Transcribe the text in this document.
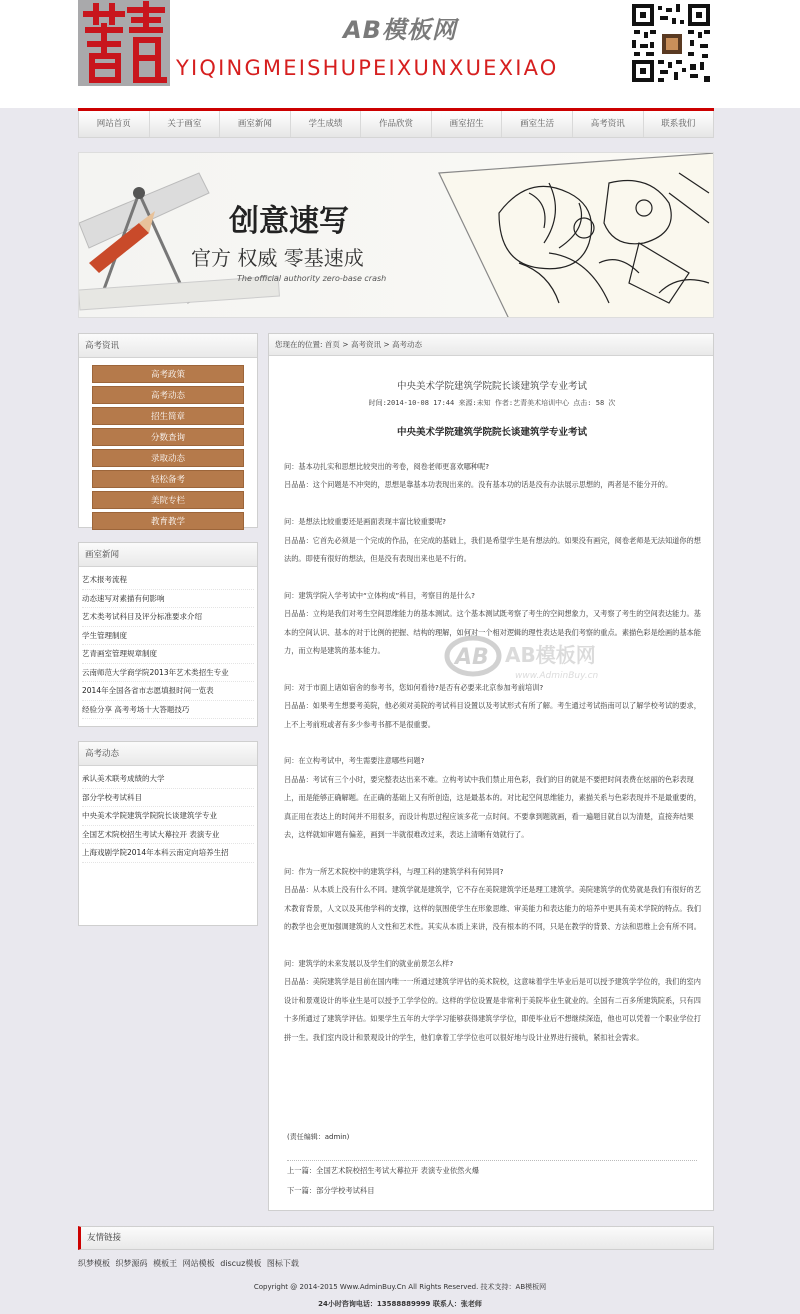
AB模板网
YIQINGMEISHUPEIXUNXUEXIAO
网站首页	关于画室	画室新闻	学生成绩	作品欣赏	画室招生	画室生活	高考资讯	联系我们
创意速写
官方 权威 零基速成
The official authority zero-base crash
高考资讯
高考政策
高考动态
招生简章
分数查询
录取动态
轻松备考
美院专栏
教育教学
画室新闻
艺术报考流程
动态速写对素描有何影响
艺术类考试科目及评分标准要求介绍
学生管理制度
艺青画室管理规章制度
云南师范大学商学院2013年艺术类招生专业
2014年全国各省市志愿填报时间一览表
经验分享 高考考场十大答题技巧
高考动态
承认美术联考成绩的大学
部分学校考试科目
中央美术学院建筑学院院长谈建筑学专业
全国艺术院校招生考试大幕拉开 表演专业
上海戏剧学院2014年本科云南定向培养生招
您现在的位置: 首页 > 高考资讯 > 高考动态
中央美术学院建筑学院院长谈建筑学专业考试
时间:2014-10-08 17:44 来源:未知 作者:艺青美术培训中心 点击: 58 次
中央美术学院建筑学院院长谈建筑学专业考试

问：基本功扎实和思想比较突出的考卷，阅卷老师更喜欢哪种呢?

吕品晶：这个问题是不冲突的，思想是靠基本功表现出来的。没有基本功的话是没有办法展示思想的，两者是不能分开的。

问：是想法比较重要还是画面表现丰富比较重要呢?

吕品晶：它首先必须是一个完成的作品，在完成的基础上，我们是希望学生是有想法的。如果没有画完，阅卷老师是无法知道你的想法的。即使有很好的想法，但是没有表现出来也是不行的。

问：建筑学院入学考试中“立体构成”科目，考察目的是什么?

吕品晶：立构是我们对考生空间思维能力的基本测试。这个基本测试既考察了考生的空间想象力，又考察了考生的空间表达能力。基本的空间认识、基本的对于比例的把握、结构的理解，如何对一个相对逻辑的理性表达是我们考察的重点。素描色彩是绘画的基本能力，而立构是建筑的基本能力。

问：对于市面上诸如宿舍的参考书，您如何看待?是否有必要来北京参加考前培训?

吕品晶：如果考生想要考美院，他必须对美院的考试科目设置以及考试形式有所了解。考生通过考试指南可以了解学校考试的要求，上不上考前班或者有多少参考书都不是很重要。

问：在立构考试中，考生需要注意哪些问题?

吕品晶：考试有三个小时，要完整表达出来不难。立构考试中我们禁止用色彩，我们的目的就是不要把时间表费在炫丽的色彩表现上，而是能够正确解题。在正确的基础上又有所创造，这是最基本的。对比起空间思维能力，素描关系与色彩表现并不是最重要的，真正用在表达上的时间并不用很多，而设计构思过程应该多花一点时间。不要拿到题就画，看一遍题目就自以为清楚，直接奔结果去，这样就如审题有偏差，画到一半就很难改过来，表达上清晰有効就行了。

问：作为一所艺术院校中的建筑学科，与理工科的建筑学科有何异同?

吕品晶：从本质上没有什么不同。建筑学就是建筑学，它不存在美院建筑学还是理工建筑学。美院建筑学的优势就是我们有很好的艺术教育背景，人文以及其他学科的支撑，这样的氛围使学生在形象思维、审美能力和表达能力的培养中更具有美术学院的特点。我们的教学也会更加强调建筑的人文性和艺术性。其实从本质上来讲，没有根本的不同，只是在教学的背景、方法和思维上会有所不同。

问：建筑学的未来发展以及学生们的就业前景怎么样?

吕品晶：美院建筑学是目前在国内唯一一所通过建筑学评估的美术院校，这意味着学生毕业后是可以授予建筑学学位的，我们的室内设计和景观设计的毕业生是可以授予工学学位的。这样的学位设置是非常利于美院毕业生就业的。全国有二百多所建筑院系，只有四十多所通过了建筑学评估。如果学生五年的大学学习能够获得建筑学学位，即使毕业后不想继续深造，他也可以凭着一个职业学位打拼一生。我们室内设计和景观设计的学生，他们拿着工学学位也可以很好地与设计业界进行接轨，紧扣社会需求。

AB AB模板网
www.AdminBuy.cn
(责任编辑：admin)
上一篇：全国艺术院校招生考试大幕拉开 表演专业依然火爆
下一篇：部分学校考试科目
友情链接
织梦模板 织梦源码 模板王 网站模板 discuz模板 图标下载
Copyright @ 2014-2015 Www.AdminBuy.Cn All Rights Reserved. 技术支持：AB模板网
24小时咨询电话：13588889999 联系人：张老师
